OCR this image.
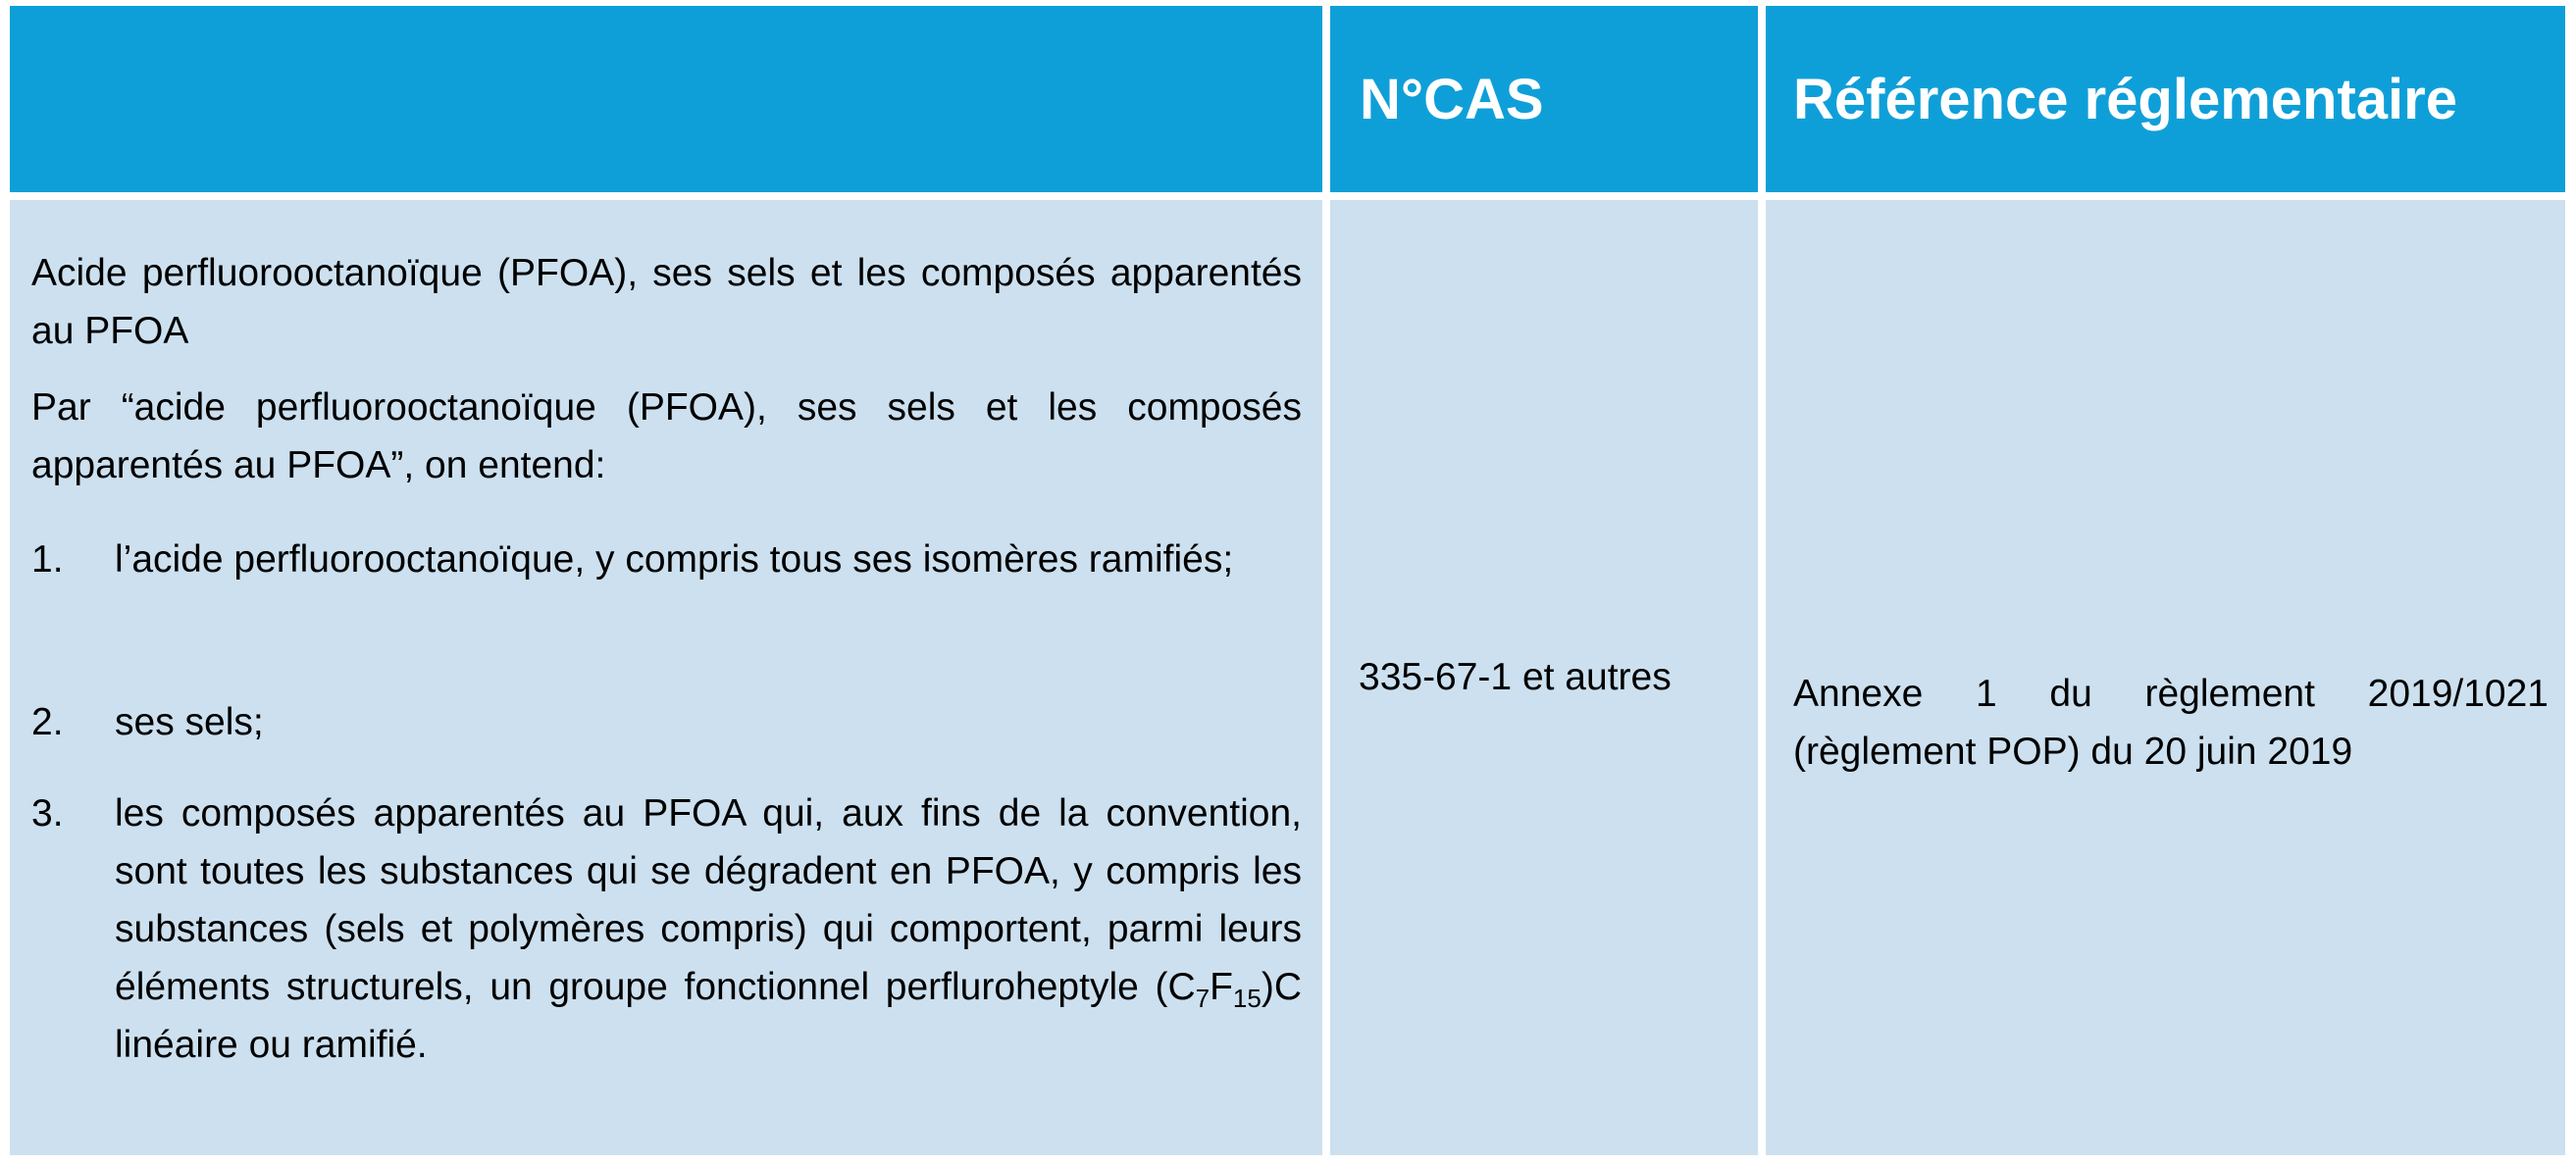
N°CAS	Référence réglementaire
Acide perfluorooctanoïque (PFOA), ses sels et les composés apparentés au PFOA
Par “acide perfluorooctanoïque (PFOA), ses sels et les composés apparentés au PFOA”, on entend:
1. l’acide perfluorooctanoïque, y compris tous ses isomères ramifiés;
2. ses sels;
3. les composés apparentés au PFOA qui, aux fins de la convention, sont toutes les substances qui se dégradent en PFOA, y compris les substances (sels et polymères compris) qui comportent, parmi leurs éléments structurels, un groupe fonctionnel perfluroheptyle $(C_7F_{15})C$ linéaire ou ramifié.
335-67-1 et autres	Annexe 1 du règlement 2019/1021 (règlement POP) du 20 juin 2019
